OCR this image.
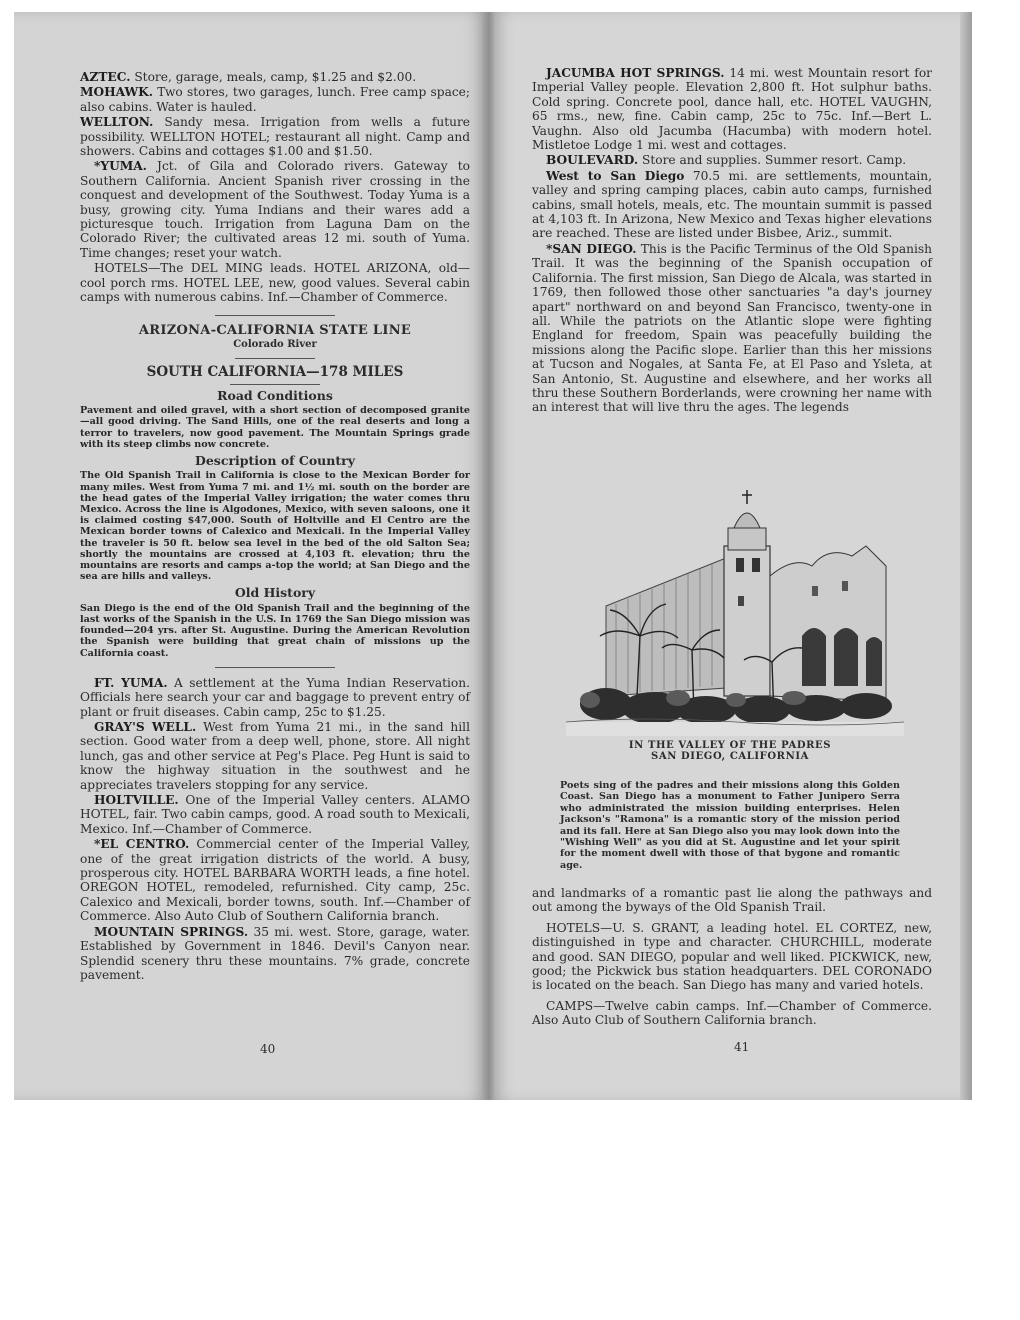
AZTEC. Store, garage, meals, camp, $1.25 and $2.00.

MOHAWK. Two stores, two garages, lunch. Free camp space; also cabins. Water is hauled.

WELLTON. Sandy mesa. Irrigation from wells a future possibility. WELLTON HOTEL; restaurant all night. Camp and showers. Cabins and cottages $1.00 and $1.50.

*YUMA. Jct. of Gila and Colorado rivers. Gateway to Southern California. Ancient Spanish river crossing in the conquest and development of the Southwest. Today Yuma is a busy, growing city. Yuma Indians and their wares add a picturesque touch. Irrigation from Laguna Dam on the Colorado River; the cultivated areas 12 mi. south of Yuma. Time changes; reset your watch.

HOTELS—The DEL MING leads. HOTEL ARIZONA, old—cool porch rms. HOTEL LEE, new, good values. Several cabin camps with numerous cabins. Inf.—Chamber of Commerce.

ARIZONA-CALIFORNIA STATE LINE
Colorado River
SOUTH CALIFORNIA—178 MILES
Road Conditions

Pavement and oiled gravel, with a short section of decomposed granite—all good driving. The Sand Hills, one of the real deserts and long a terror to travelers, now good pavement. The Mountain Springs grade with its steep climbs now concrete.

Description of Country

The Old Spanish Trail in California is close to the Mexican Border for many miles. West from Yuma 7 mi. and 1½ mi. south on the border are the head gates of the Imperial Valley irrigation; the water comes thru Mexico. Across the line is Algodones, Mexico, with seven saloons, one it is claimed costing $47,000. South of Holtville and El Centro are the Mexican border towns of Calexico and Mexicali. In the Imperial Valley the traveler is 50 ft. below sea level in the bed of the old Salton Sea; shortly the mountains are crossed at 4,103 ft. elevation; thru the mountains are resorts and camps a-top the world; at San Diego and the sea are hills and valleys.

Old History

San Diego is the end of the Old Spanish Trail and the beginning of the last works of the Spanish in the U.S. In 1769 the San Diego mission was founded—204 yrs. after St. Augustine. During the American Revolution the Spanish were building that great chain of missions up the California coast.

FT. YUMA. A settlement at the Yuma Indian Reservation. Officials here search your car and baggage to prevent entry of plant or fruit diseases. Cabin camp, 25c to $1.25.

GRAY'S WELL. West from Yuma 21 mi., in the sand hill section. Good water from a deep well, phone, store. All night lunch, gas and other service at Peg's Place. Peg Hunt is said to know the highway situation in the southwest and he appreciates travelers stopping for any service.

HOLTVILLE. One of the Imperial Valley centers. ALAMO HOTEL, fair. Two cabin camps, good. A road south to Mexicali, Mexico. Inf.—Chamber of Commerce.

*EL CENTRO. Commercial center of the Imperial Valley, one of the great irrigation districts of the world. A busy, prosperous city. HOTEL BARBARA WORTH leads, a fine hotel. OREGON HOTEL, remodeled, refurnished. City camp, 25c. Calexico and Mexicali, border towns, south. Inf.—Chamber of Commerce. Also Auto Club of Southern California branch.

MOUNTAIN SPRINGS. 35 mi. west. Store, garage, water. Established by Government in 1846. Devil's Canyon near. Splendid scenery thru these mountains. 7% grade, concrete pavement.

40

JACUMBA HOT SPRINGS. 14 mi. west Mountain resort for Imperial Valley people. Elevation 2,800 ft. Hot sulphur baths. Cold spring. Concrete pool, dance hall, etc. HOTEL VAUGHN, 65 rms., new, fine. Cabin camp, 25c to 75c. Inf.—Bert L. Vaughn. Also old Jacumba (Hacumba) with modern hotel. Mistletoe Lodge 1 mi. west and cottages.

BOULEVARD. Store and supplies. Summer resort. Camp.

West to San Diego 70.5 mi. are settlements, mountain, valley and spring camping places, cabin auto camps, furnished cabins, small hotels, meals, etc. The mountain summit is passed at 4,103 ft. In Arizona, New Mexico and Texas higher elevations are reached. These are listed under Bisbee, Ariz., summit.

*SAN DIEGO. This is the Pacific Terminus of the Old Spanish Trail. It was the beginning of the Spanish occupation of California. The first mission, San Diego de Alcala, was started in 1769, then followed those other sanctuaries "a day's journey apart" northward on and beyond San Francisco, twenty-one in all. While the patriots on the Atlantic slope were fighting England for freedom, Spain was peacefully building the missions along the Pacific slope. Earlier than this her missions at Tucson and Nogales, at Santa Fe, at El Paso and Ysleta, at San Antonio, St. Augustine and elsewhere, and her works all thru these Southern Borderlands, were crowning her name with an interest that will live thru the ages. The legends

IN THE VALLEY OF THE PADRES
SAN DIEGO, CALIFORNIA

Poets sing of the padres and their missions along this Golden Coast. San Diego has a monument to Father Junipero Serra who administrated the mission building enterprises. Helen Jackson's "Ramona" is a romantic story of the mission period and its fall. Here at San Diego also you may look down into the "Wishing Well" as you did at St. Augustine and let your spirit for the moment dwell with those of that bygone and romantic age.

and landmarks of a romantic past lie along the pathways and out among the byways of the Old Spanish Trail.

HOTELS—U. S. GRANT, a leading hotel. EL CORTEZ, new, distinguished in type and character. CHURCHILL, moderate and good. SAN DIEGO, popular and well liked. PICKWICK, new, good; the Pickwick bus station headquarters. DEL CORONADO is located on the beach. San Diego has many and varied hotels.

CAMPS—Twelve cabin camps. Inf.—Chamber of Commerce. Also Auto Club of Southern California branch.

41
